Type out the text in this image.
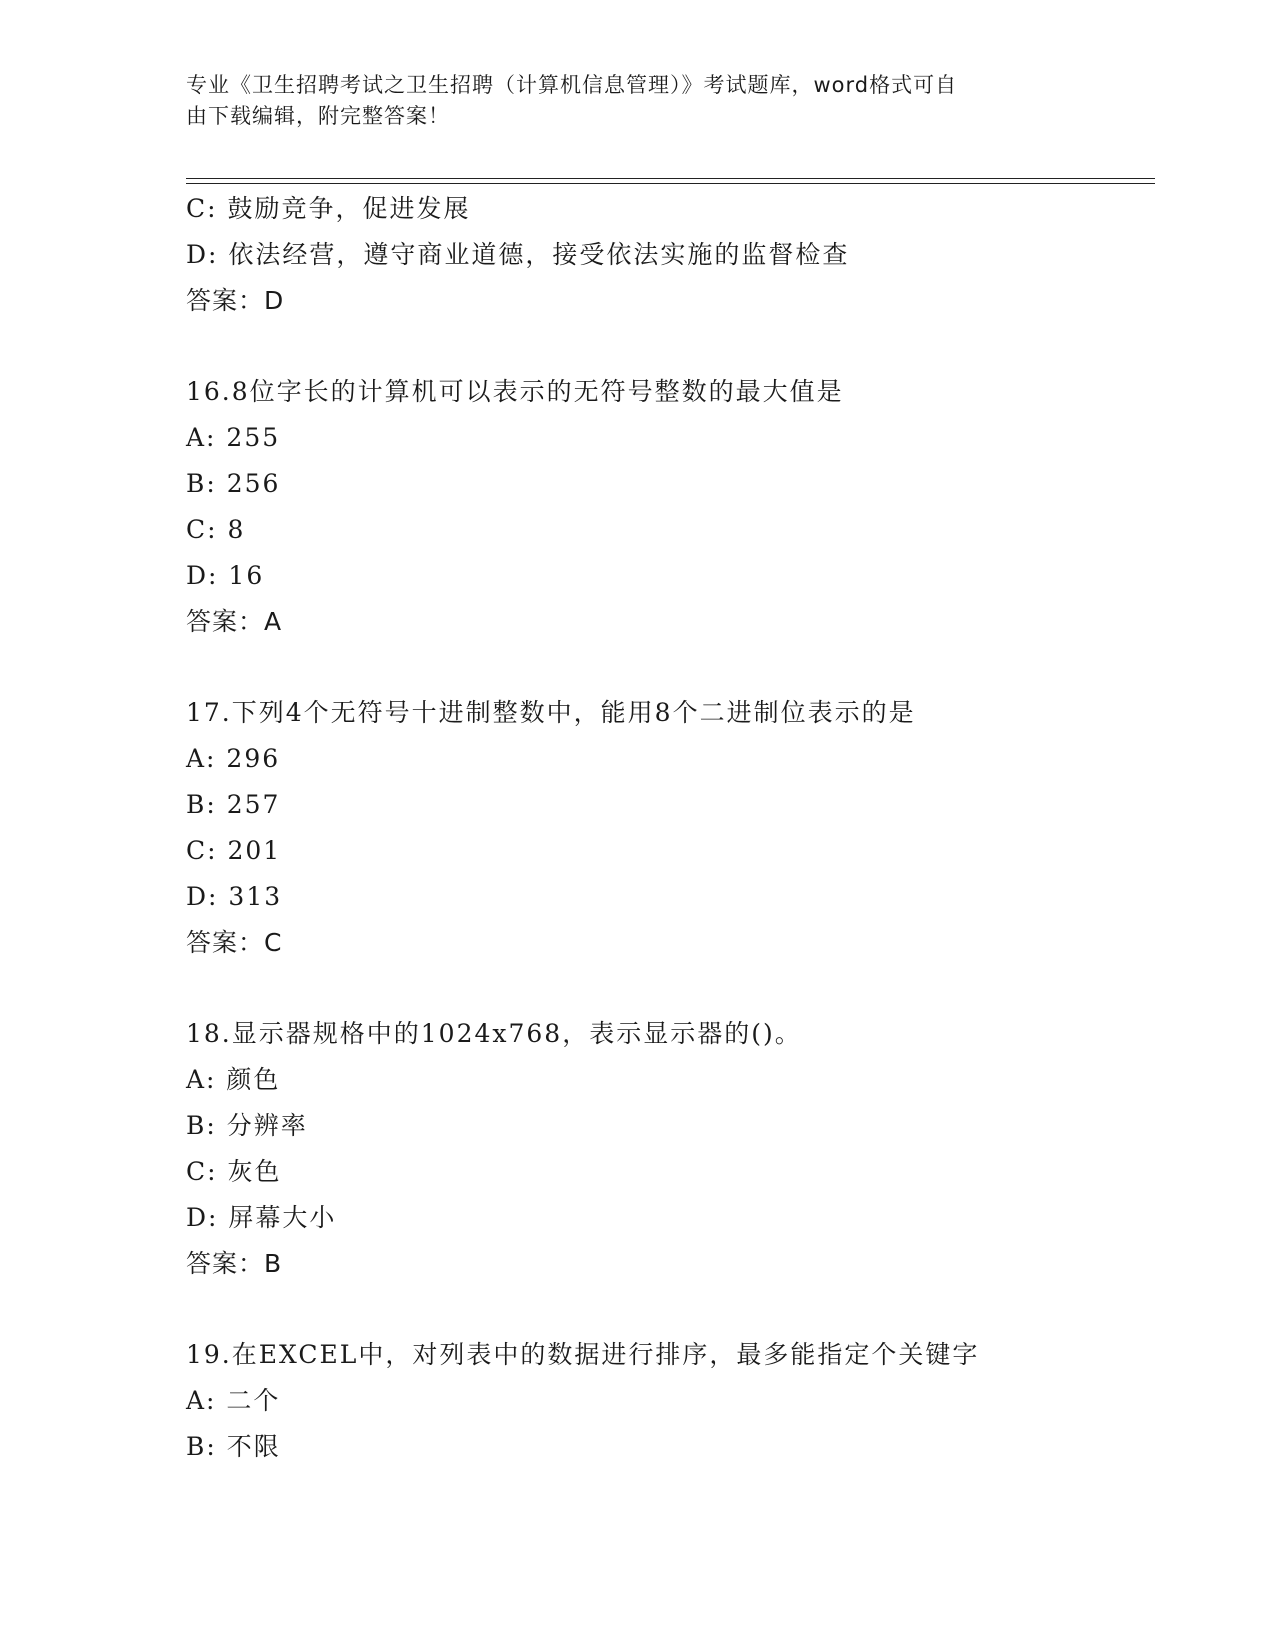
专业《卫生招聘考试之卫生招聘（计算机信息管理）》考试题库，word格式可自
由下载编辑，附完整答案！
C: 鼓励竞争，促进发展
D: 依法经营，遵守商业道德，接受依法实施的监督检查
答案：D
16.8位字长的计算机可以表示的无符号整数的最大值是
A: 255
B: 256
C: 8
D: 16
答案：A
17.下列4个无符号十进制整数中，能用8个二进制位表示的是
A: 296
B: 257
C: 201
D: 313
答案：C
18.显示器规格中的1024x768，表示显示器的()。
A: 颜色
B: 分辨率
C: 灰色
D: 屏幕大小
答案：B
19.在EXCEL中，对列表中的数据进行排序，最多能指定个关键字
A: 二个
B: 不限
